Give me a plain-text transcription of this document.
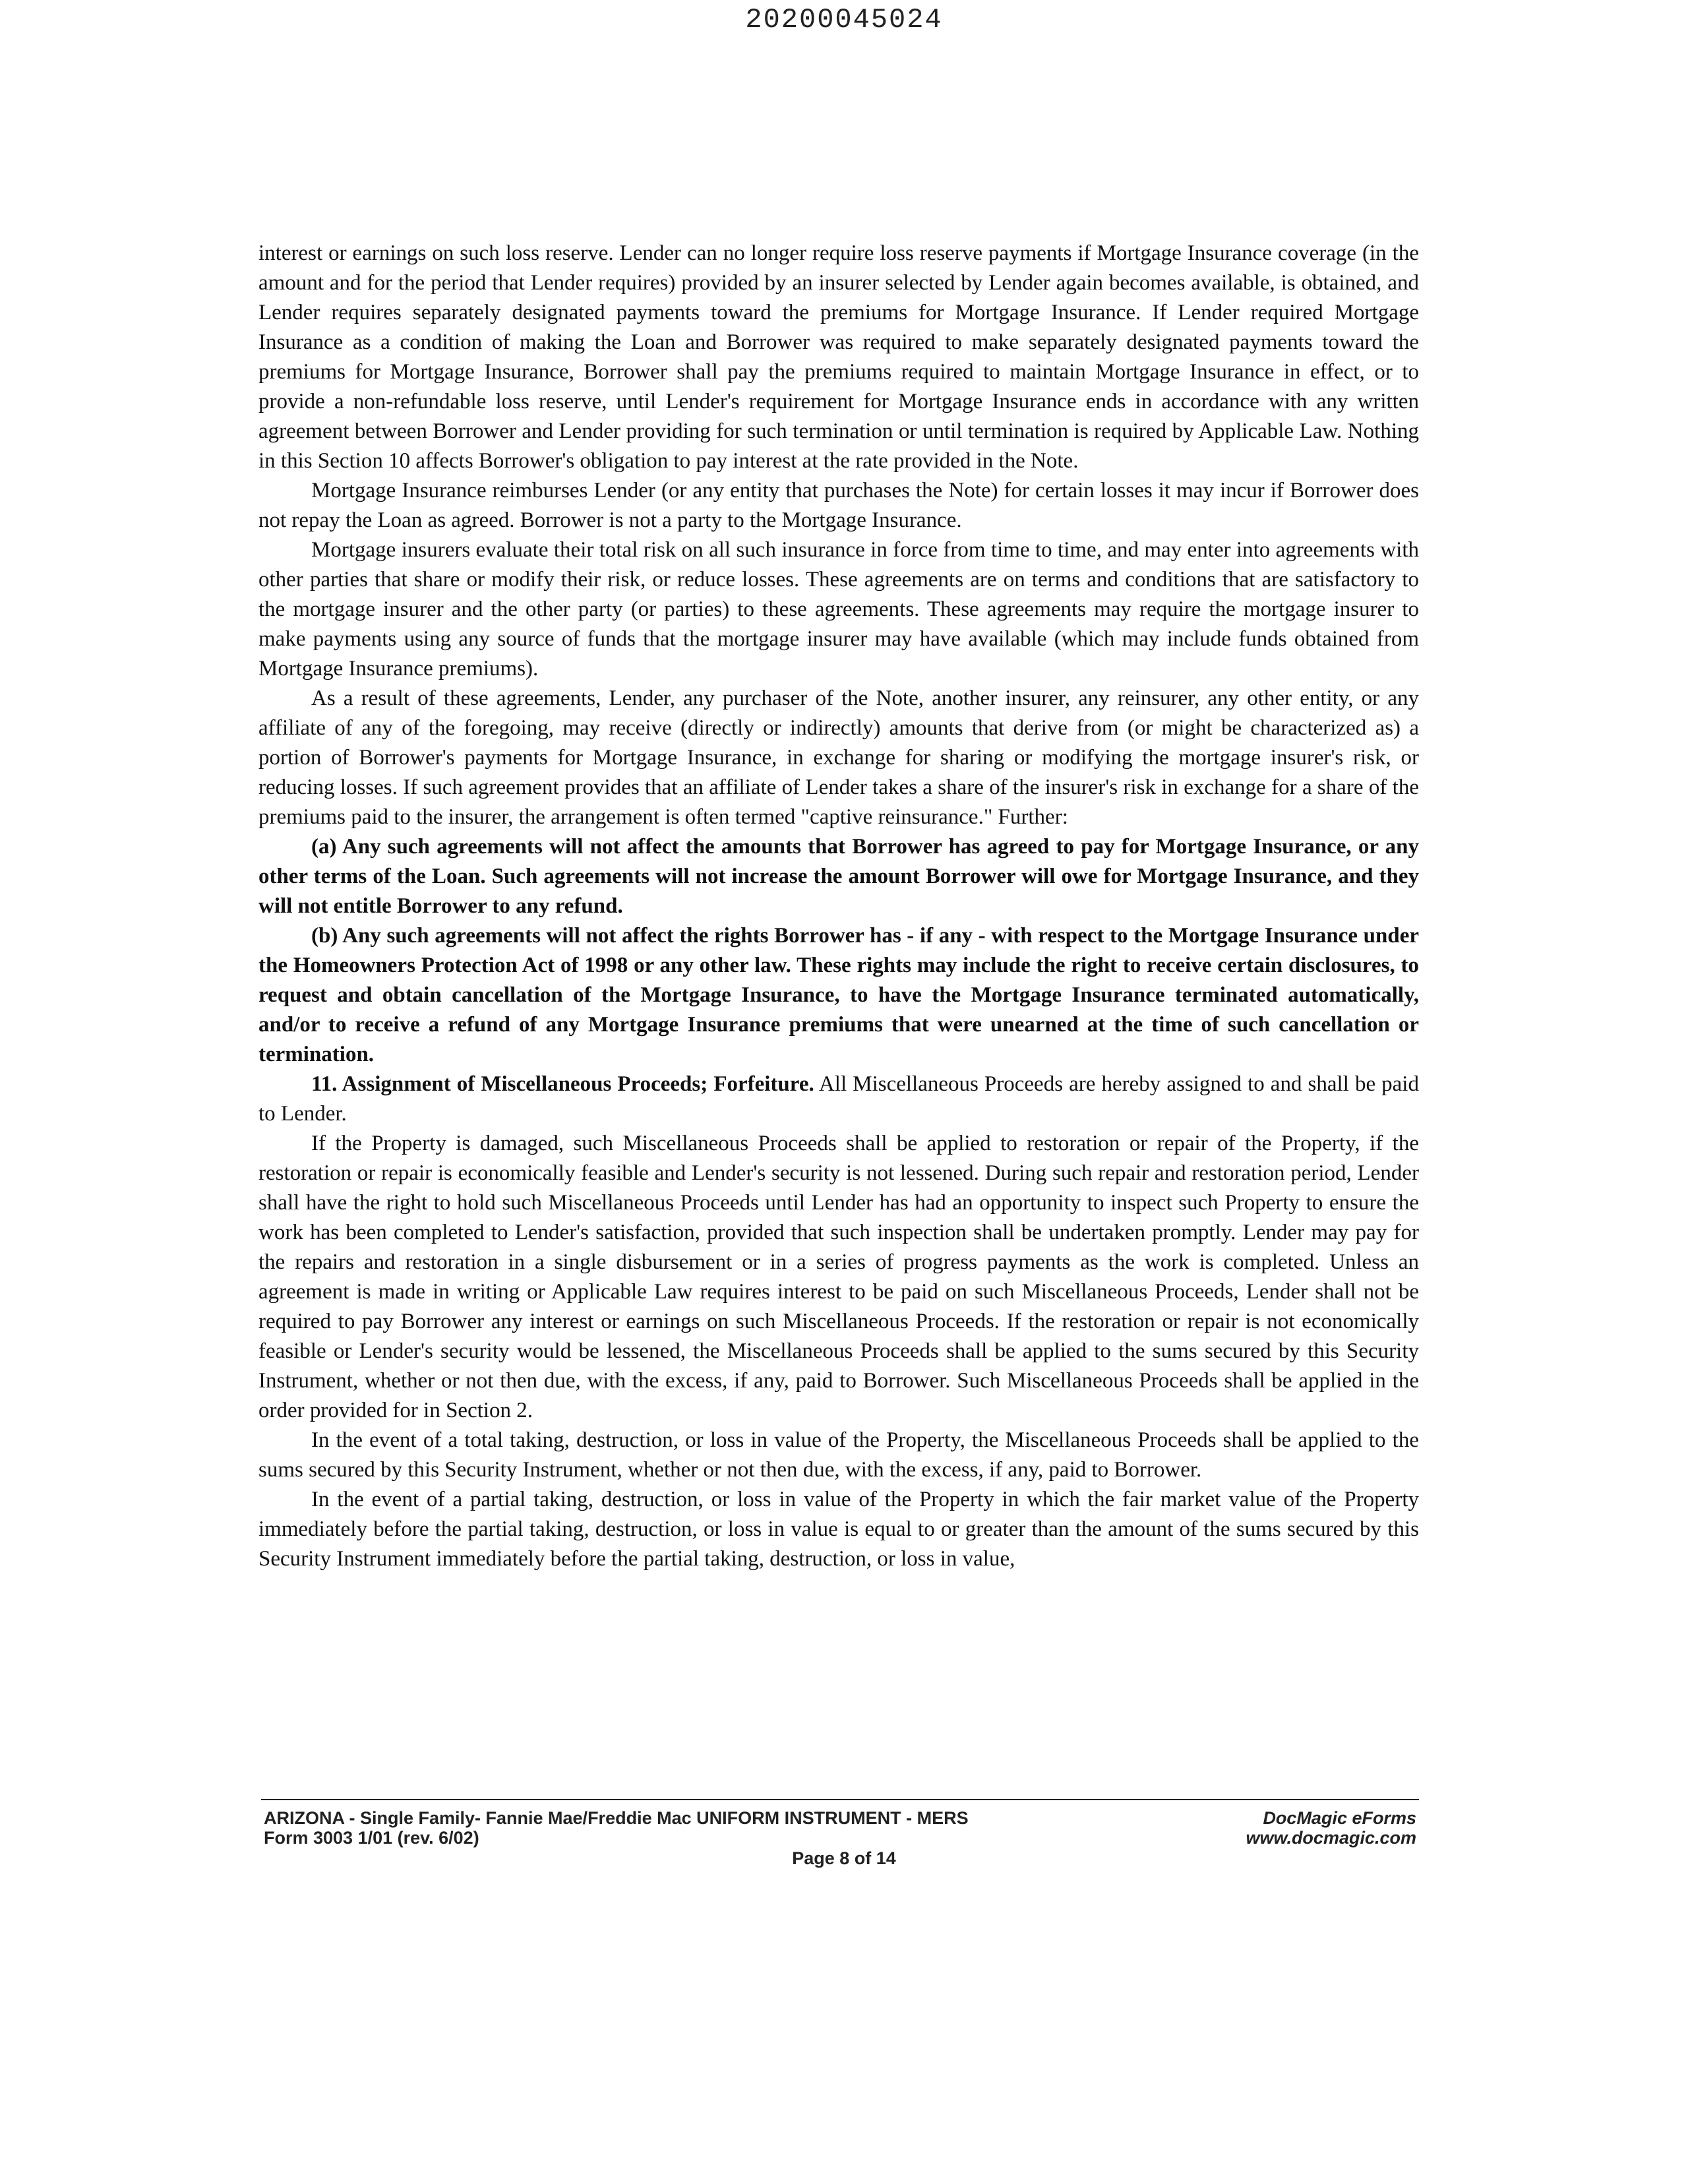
20200045024

interest or earnings on such loss reserve. Lender can no longer require loss reserve payments if Mortgage Insurance coverage (in the amount and for the period that Lender requires) provided by an insurer selected by Lender again becomes available, is obtained, and Lender requires separately designated payments toward the premiums for Mortgage Insurance. If Lender required Mortgage Insurance as a condition of making the Loan and Borrower was required to make separately designated payments toward the premiums for Mortgage Insurance, Borrower shall pay the premiums required to maintain Mortgage Insurance in effect, or to provide a non-refundable loss reserve, until Lender's requirement for Mortgage Insurance ends in accordance with any written agreement between Borrower and Lender providing for such termination or until termination is required by Applicable Law. Nothing in this Section 10 affects Borrower's obligation to pay interest at the rate provided in the Note.

Mortgage Insurance reimburses Lender (or any entity that purchases the Note) for certain losses it may incur if Borrower does not repay the Loan as agreed. Borrower is not a party to the Mortgage Insurance.

Mortgage insurers evaluate their total risk on all such insurance in force from time to time, and may enter into agreements with other parties that share or modify their risk, or reduce losses. These agreements are on terms and conditions that are satisfactory to the mortgage insurer and the other party (or parties) to these agreements. These agreements may require the mortgage insurer to make payments using any source of funds that the mortgage insurer may have available (which may include funds obtained from Mortgage Insurance premiums).

As a result of these agreements, Lender, any purchaser of the Note, another insurer, any reinsurer, any other entity, or any affiliate of any of the foregoing, may receive (directly or indirectly) amounts that derive from (or might be characterized as) a portion of Borrower's payments for Mortgage Insurance, in exchange for sharing or modifying the mortgage insurer's risk, or reducing losses. If such agreement provides that an affiliate of Lender takes a share of the insurer's risk in exchange for a share of the premiums paid to the insurer, the arrangement is often termed "captive reinsurance." Further:

(a) Any such agreements will not affect the amounts that Borrower has agreed to pay for Mortgage Insurance, or any other terms of the Loan. Such agreements will not increase the amount Borrower will owe for Mortgage Insurance, and they will not entitle Borrower to any refund.

(b) Any such agreements will not affect the rights Borrower has - if any - with respect to the Mortgage Insurance under the Homeowners Protection Act of 1998 or any other law. These rights may include the right to receive certain disclosures, to request and obtain cancellation of the Mortgage Insurance, to have the Mortgage Insurance terminated automatically, and/or to receive a refund of any Mortgage Insurance premiums that were unearned at the time of such cancellation or termination.

11. Assignment of Miscellaneous Proceeds; Forfeiture. All Miscellaneous Proceeds are hereby assigned to and shall be paid to Lender.

If the Property is damaged, such Miscellaneous Proceeds shall be applied to restoration or repair of the Property, if the restoration or repair is economically feasible and Lender's security is not lessened. During such repair and restoration period, Lender shall have the right to hold such Miscellaneous Proceeds until Lender has had an opportunity to inspect such Property to ensure the work has been completed to Lender's satisfaction, provided that such inspection shall be undertaken promptly. Lender may pay for the repairs and restoration in a single disbursement or in a series of progress payments as the work is completed. Unless an agreement is made in writing or Applicable Law requires interest to be paid on such Miscellaneous Proceeds, Lender shall not be required to pay Borrower any interest or earnings on such Miscellaneous Proceeds. If the restoration or repair is not economically feasible or Lender's security would be lessened, the Miscellaneous Proceeds shall be applied to the sums secured by this Security Instrument, whether or not then due, with the excess, if any, paid to Borrower. Such Miscellaneous Proceeds shall be applied in the order provided for in Section 2.

In the event of a total taking, destruction, or loss in value of the Property, the Miscellaneous Proceeds shall be applied to the sums secured by this Security Instrument, whether or not then due, with the excess, if any, paid to Borrower.

In the event of a partial taking, destruction, or loss in value of the Property in which the fair market value of the Property immediately before the partial taking, destruction, or loss in value is equal to or greater than the amount of the sums secured by this Security Instrument immediately before the partial taking, destruction, or loss in value,

ARIZONA - Single Family- Fannie Mae/Freddie Mac UNIFORM INSTRUMENT - MERS
Form 3003 1/01 (rev. 6/02)
DocMagic eForms
www.docmagic.com
Page 8 of 14
